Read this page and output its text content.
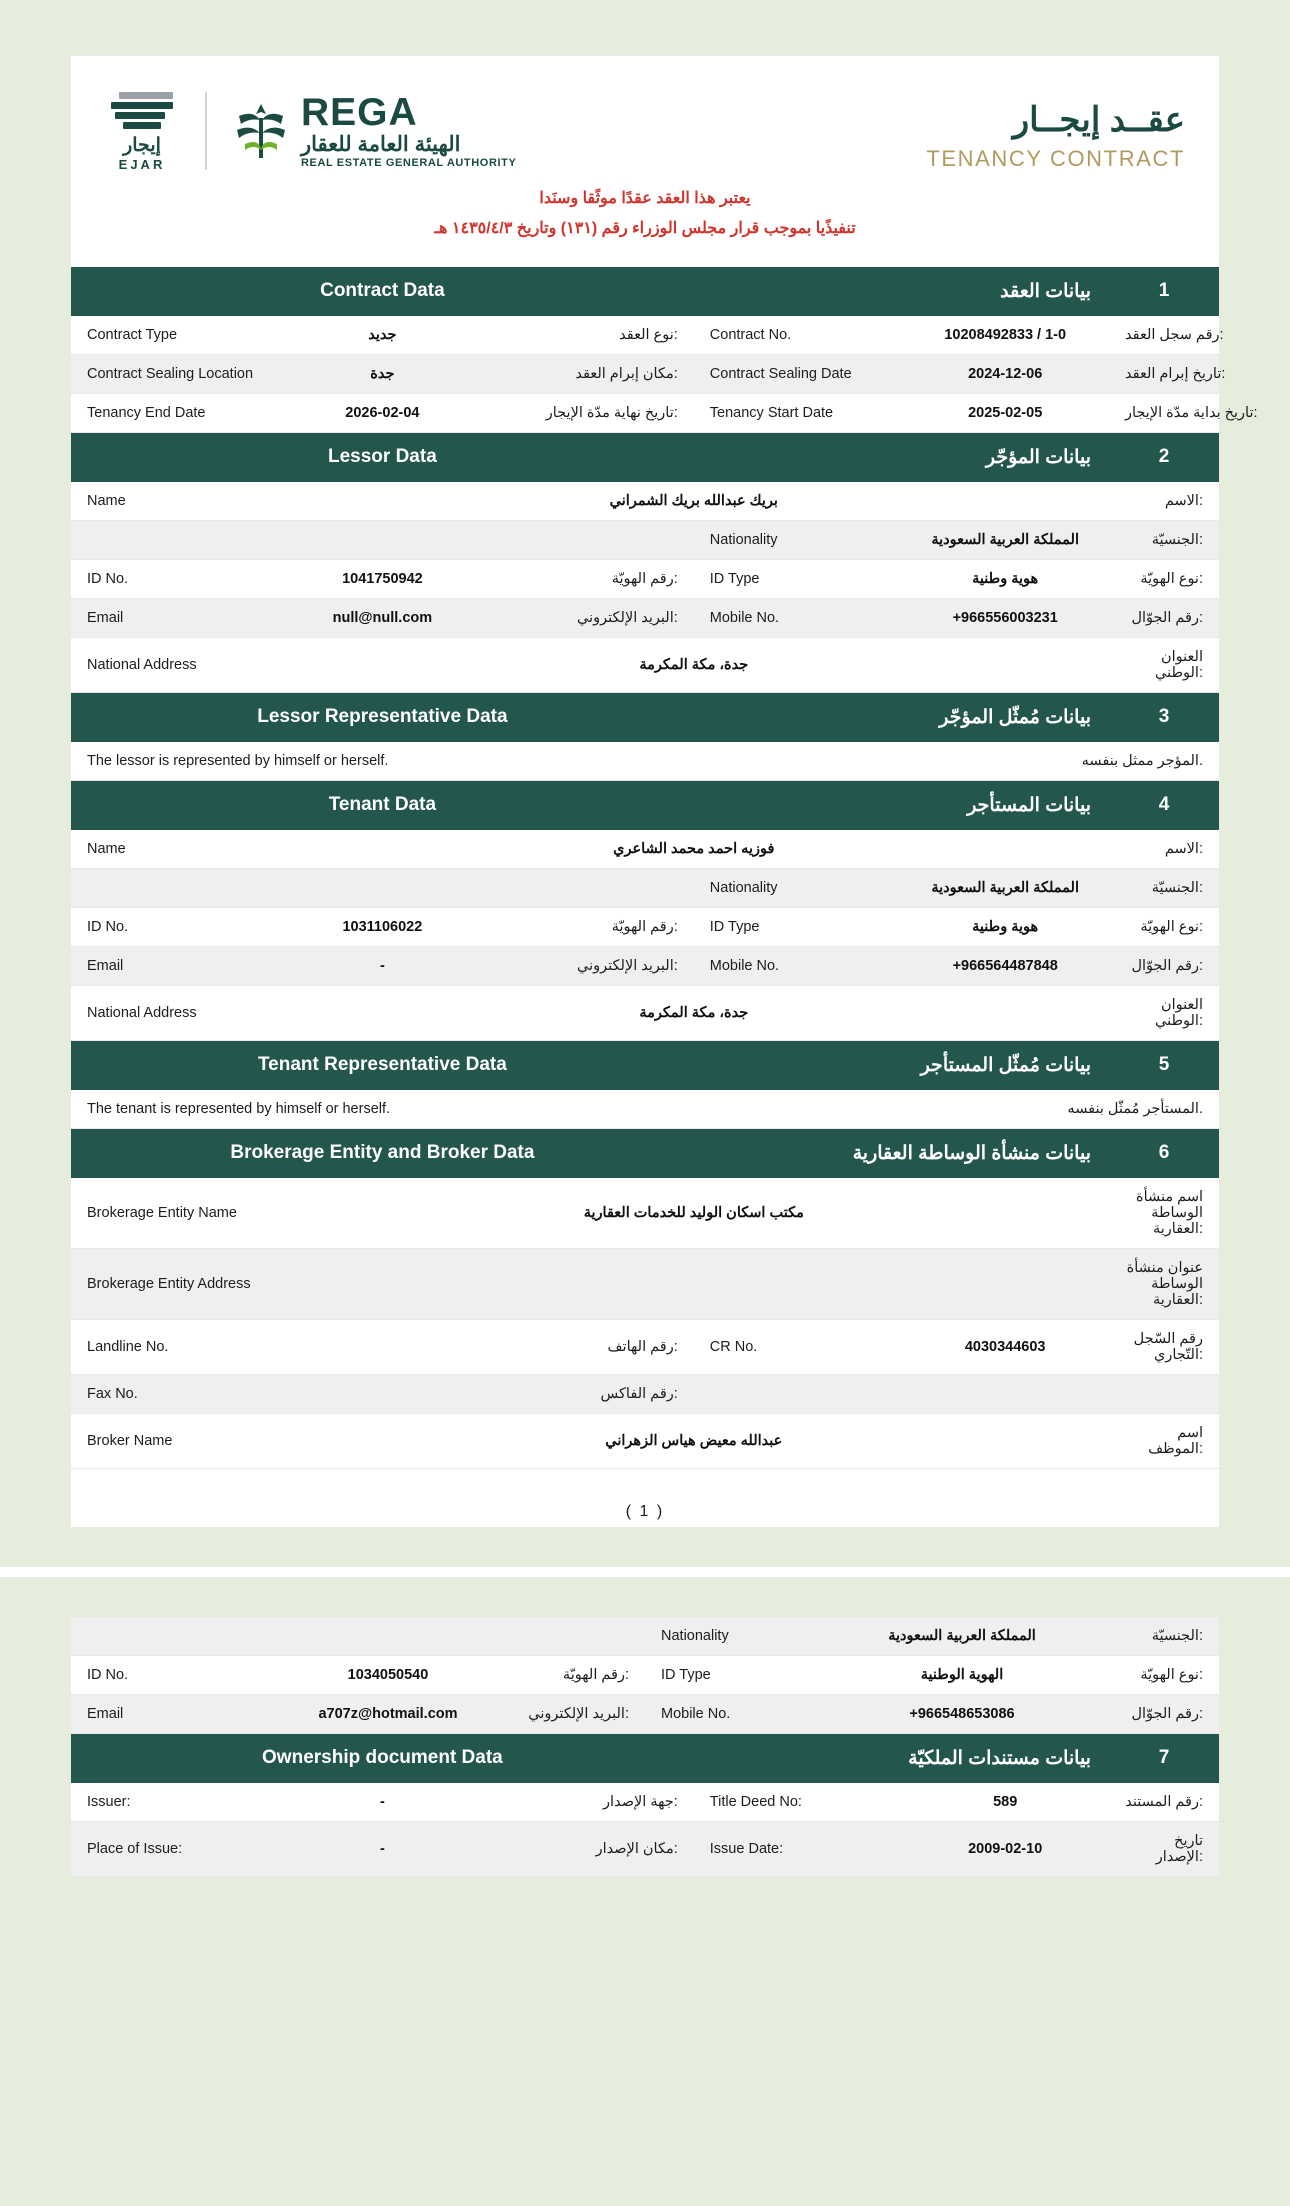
إيجار
EJAR
REGA
الهيئة العامة للعقار
REAL ESTATE GENERAL AUTHORITY
عقــد إيجــار
TENANCY CONTRACT
يعتبر هذا العقد عقدًا موثًقا وسنَدا
تنفيذًيا بموجب قرار مجلس الوزراء رقم (١٣١) وتاريخ ١٤٣٥/٤/٣ هـ
Contract Data			بيانات العقد		1
Contract Type	جديد	نوع العقد:	Contract No.	10208492833 / 1-0	رقم سجل العقد:
Contract Sealing Location	جدة	مكان إبرام العقد:	Contract Sealing Date	2024-12-06	تاريخ إبرام العقد:
Tenancy End Date	2026-02-04	تاريخ نهاية مدّة الإيجار:	Tenancy Start Date	2025-02-05	تاريخ بداية مدّة الإيجار:
Lessor Data			بيانات المؤجّر		2
Name	بريك عبدالله بريك الشمراني				الاسم:
			Nationality	المملكة العربية السعودية	الجنسيّة:
ID No.	1041750942	رقم الهويّة:	ID Type	هوية وطنية	نوع الهويّة:
Email	null@null.com	البريد الإلكتروني:	Mobile No.	+966556003231	رقم الجوّال:
National Address	جدة، مكة المكرمة				العنوان الوطني:
Lessor Representative Data	بيانات مُمثّل المؤجّر	3
The lessor is represented by himself or herself.	المؤجر ممثل بنفسه.	
Tenant Data			بيانات المستأجر		4
Name	فوزيه احمد محمد الشاعري				الاسم:
			Nationality	المملكة العربية السعودية	الجنسيّة:
ID No.	1031106022	رقم الهويّة:	ID Type	هوية وطنية	نوع الهويّة:
Email	-	البريد الإلكتروني:	Mobile No.	+966564487848	رقم الجوّال:
National Address	جدة، مكة المكرمة				العنوان الوطني:
Tenant Representative Data	بيانات مُمثّل المستأجر	5
The tenant is represented by himself or herself.	المستأجر مُمثّل بنفسه.	
Brokerage Entity and Broker Data			بيانات منشأة الوساطة العقارية		6
Brokerage Entity Name	مكتب اسكان الوليد للخدمات العقارية				اسم منشأة الوساطة العقارية:
Brokerage Entity Address					عنوان منشأة الوساطة العقارية:
Landline No.		رقم الهاتف:	CR No.	4030344603	رقم السّجل التّجاري:
Fax No.		رقم الفاكس:			
Broker Name	عبدالله معيض هياس الزهراني				اسم الموظف:
( 1 )
			Nationality	المملكة العربية السعودية	الجنسيّة:
ID No.	1034050540	رقم الهويّة:	ID Type	الهوية الوطنية	نوع الهويّة:
Email	a707z@hotmail.com	البريد الإلكتروني:	Mobile No.	+966548653086	رقم الجوّال:
Ownership document Data			بيانات مستندات الملكيّة		7
Issuer:	-	جهة الإصدار:	Title Deed No:	589	رقم المستند:
Place of Issue:	-	مكان الإصدار:	Issue Date:	2009-02-10	تاريخ الإصدار:
